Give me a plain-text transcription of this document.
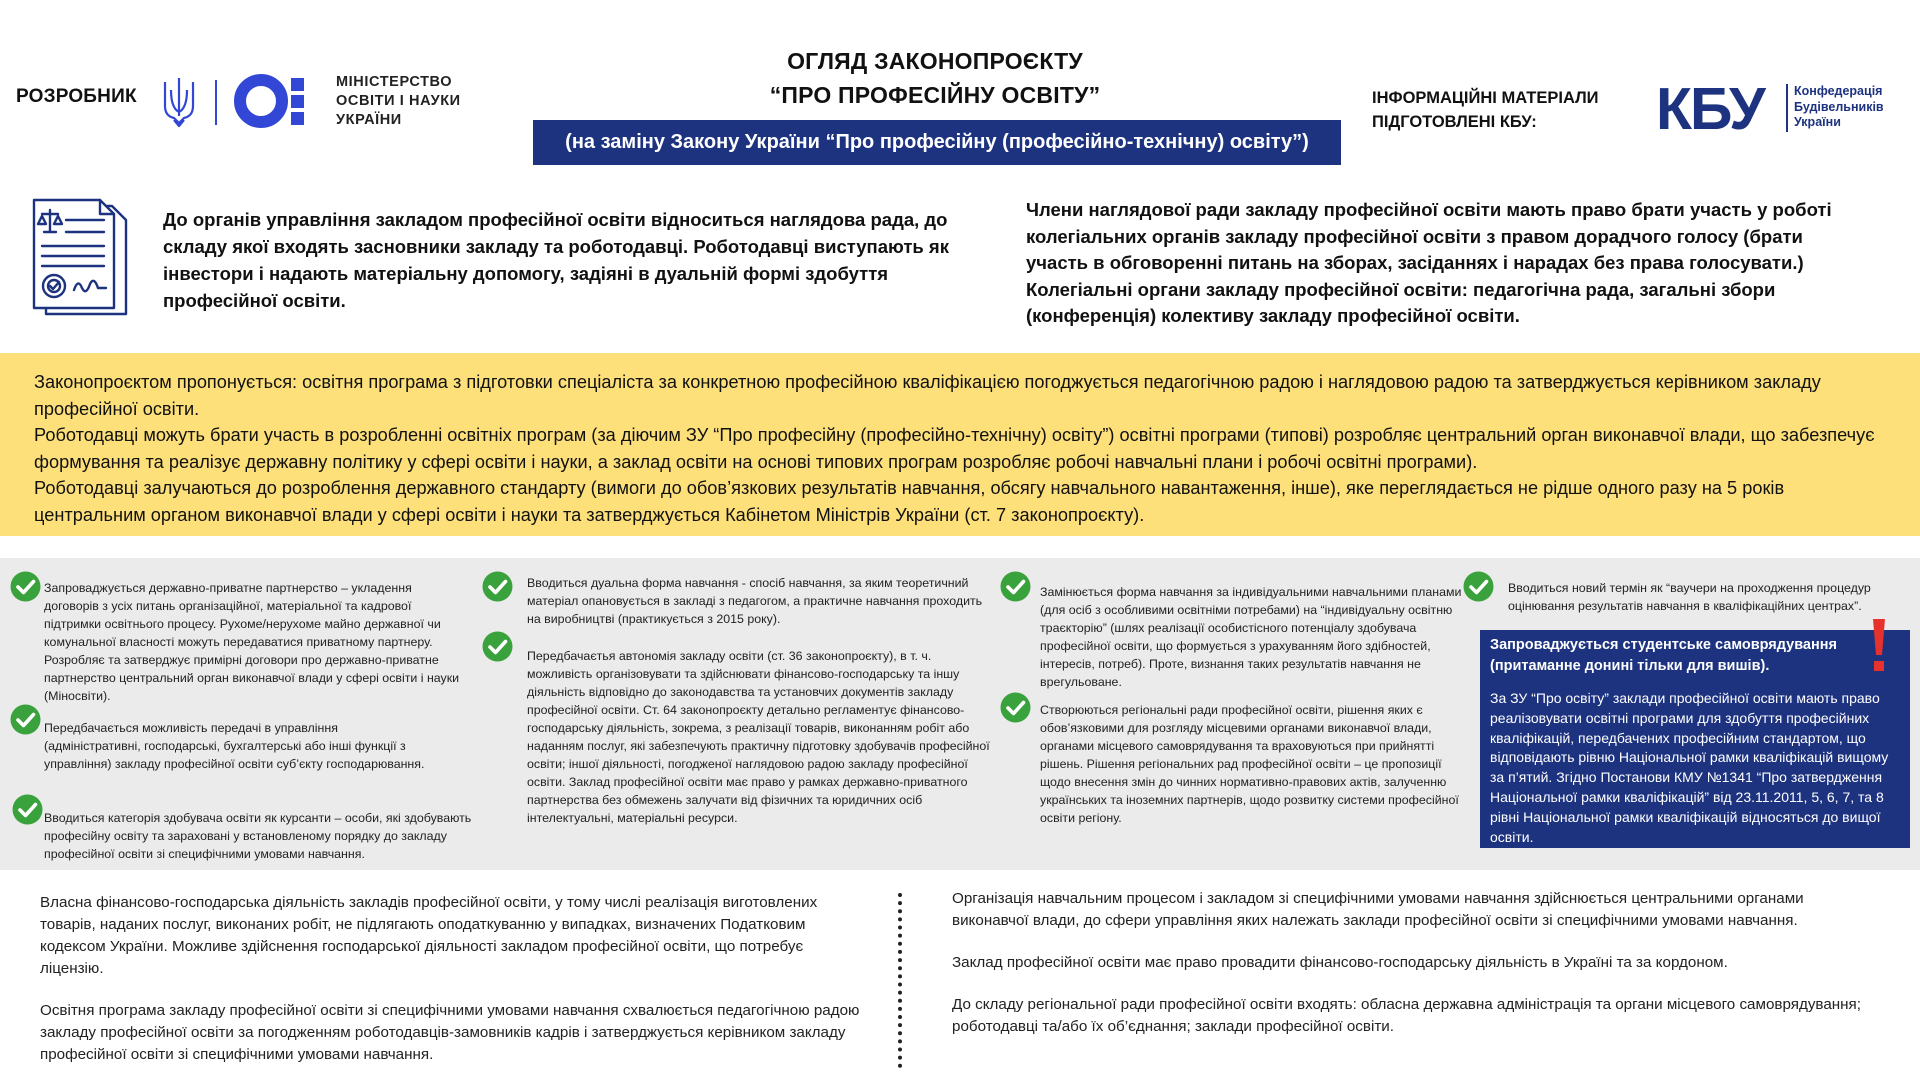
РОЗРОБНИК
МІНІСТЕРСТВО
ОСВІТИ І НАУКИ
УКРАЇНИ
ОГЛЯД ЗАКОНОПРОЄКТУ
“ПРО ПРОФЕСІЙНУ ОСВІТУ”
(на заміну Закону України “Про професійну (професійно-технічну) освіту”)
ІНФОРМАЦІЙНІ МАТЕРІАЛИ
ПІДГОТОВЛЕНІ КБУ:	КБУ Конфедерація
Будівельників
України
До органів управління закладом професійної освіти відноситься наглядова рада, до складу якої входять засновники закладу та роботодавці. Роботодавці виступають як інвестори і надають матеріальну допомогу, задіяні в дуальній формі здобуття професійної освіти.
Члени наглядової ради закладу професійної освіти мають право брати участь у роботі колегіальних органів закладу професійної освіти з правом дорадчого голосу (брати участь в обговоренні питань на зборах, засіданнях і нарадах без права голосувати.) Колегіальні органи закладу професійної освіти: педагогічна рада, загальні збори (конференція) колективу закладу професійної освіти.

Законопроєктом пропонується: освітня програма з підготовки спеціаліста за конкретною професійною кваліфікацією погоджується педагогічною радою і наглядовою радою та затверджується керівником закладу професійної освіти.

Роботодавці можуть брати участь в розробленні освітніх програм (за діючим ЗУ “Про професійну (професійно-технічну) освіту”) освітні програми (типові) розробляє центральний орган виконавчої влади, що забезпечує формування та реалізує державну політику у сфері освіти і науки, а заклад освіти на основі типових програм розробляє робочі навчальні плани і робочі освітні програми).

Роботодавці залучаються до розроблення державного стандарту (вимоги до обов’язкових результатів навчання, обсягу навчального навантаження, інше), яке переглядається не рідше одного разу на 5 років центральним органом виконавчої влади у сфері освіти і науки та затверджується Кабінетом Міністрів України (ст. 7 законопроєкту).

Запроваджується державно-приватне партнерство – укладення договорів з усіх питань організаційної, матеріальної та кадрової підтримки освітнього процесу. Рухоме/нерухоме майно державної чи комунальної власності можуть передаватися приватному партнеру. Розробляє та затверджує примірні договори про державно-приватне партнерство центральний орган виконавчої влади у сфері освіти і науки (Міносвіти).
Передбачається можливість передачі в управління (адміністративні, господарські, бухгалтерські або інші функції з управління) закладу професійної освіти суб’єкту господарювання.
Вводиться категорія здобувача освіти як курсанти – особи, які здобувають професійну освіту та зараховані у встановленому порядку до закладу професійної освіти зі специфічними умовами навчання.
Вводиться дуальна форма навчання - спосіб навчання, за яким теоретичний матеріал опановується в закладі з педагогом, а практичне навчання проходить на виробництві (практикується з 2015 року).
Передбачаєтья автономія закладу освіти (ст. 36 законопроєкту), в т. ч. можливість організовувати та здійснювати фінансово-господарську та іншу діяльність відповідно до законодавства та установчих документів закладу професійної освіти. Ст. 64 законопроєкту детально регламентує фінансово-господарську діяльність, зокрема, з реалізації товарів, виконанням робіт або наданням послуг, які забезпечують практичну підготовку здобувачів професійної освіти; іншої діяльності, погодженої наглядовою радою закладу професійної освіти. Заклад професійної освіти має право у рамках державно-приватного партнерства без обмежень залучати від фізичних та юридичних осіб інтелектуальні, матеріальні ресурси.
Замінюється форма навчання за індивідуальними навчальними планами (для осіб з особливими освітніми потребами) на “індивідуальну освітню траєкторію” (шлях реалізації особистісного потенціалу здобувача професійної освіти, що формується з урахуванням його здібностей, інтересів, потреб). Проте, визнання таких результатів навчання не врегульоване.
Створюються регіональні ради професійної освіти, рішення яких є обов’язковими для розгляду місцевими органами виконавчої влади, органами місцевого самоврядування та враховуються при прийнятті рішень. Рішення регіональних рад професійної освіти – це пропозиції щодо внесення змін до чинних нормативно-правових актів, залученню українських та іноземних партнерів, щодо розвитку системи професійної освіти регіону.
Вводиться новий термін як “ваучери на проходження процедур оцінювання результатів навчання в кваліфікаційних центрах”.
Запроваджується студентське самоврядування (притаманне донині тільки для вишів).
За ЗУ “Про освіту” заклади професійної освіти мають право реалізовувати освітні програми для здобуття професійних кваліфікацій, передбачених професійним стандартом, що відповідають рівню Національної рамки кваліфікацій вищому за п’ятий. Згідно Постанови КМУ №1341 “Про затвердження Національної рамки кваліфікацій” від 23.11.2011, 5, 6, 7, та 8 рівні Національної рамки кваліфікацій відносяться до вищої освіти.

Власна фінансово-господарська діяльність закладів професійної освіти, у тому числі реалізація виготовлених товарів, наданих послуг, виконаних робіт, не підлягають оподаткуванню у випадках, визначених Податковим кодексом України. Можливе здійснення господарської діяльності закладом професійної освіти, що потребує ліцензію.

Освітня програма закладу професійної освіти зі специфічними умовами навчання схвалюється педагогічною радою закладу професійної освіти за погодженням роботодавців-замовників кадрів і затверджується керівником закладу професійної освіти зі специфічними умовами навчання.

Організація навчальним процесом і закладом зі специфічними умовами навчання здійснюється центральними органами виконавчої влади, до сфери управління яких належать заклади професійної освіти зі специфічними умовами навчання.

Заклад професійної освіти має право провадити фінансово-господарську діяльність в Україні та за кордоном.

До складу регіональної ради професійної освіти входять: обласна державна адміністрація та органи місцевого самоврядування; роботодавці та/або їх об’єднання; заклади професійної освіти.
